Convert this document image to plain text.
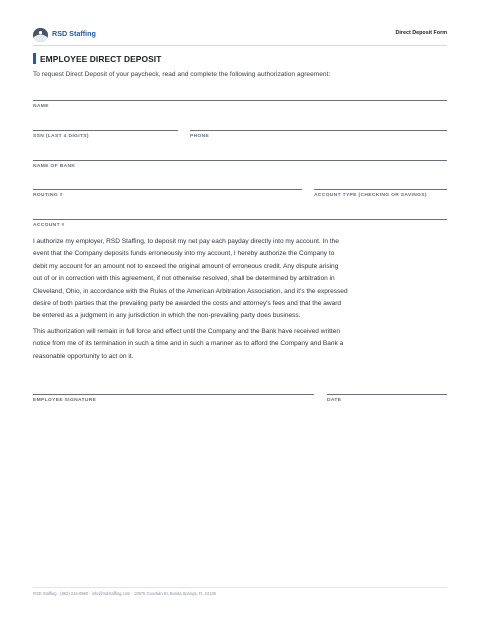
RSD Staffing	Direct Deposit Form
EMPLOYEE DIRECT DEPOSIT
To request Direct Deposit of your paycheck, read and complete the following authorization agreement:
NAME
SSN (LAST 4 DIGITS)	PHONE
NAME OF BANK
ROUTING #	ACCOUNT TYPE (CHECKING OR SAVINGS)
ACCOUNT #

I authorize my employer, RSD Staffing, to deposit my net pay each payday directly into my account. In the

event that the Company deposits funds erroneously into my account, I hereby authorize the Company to

debit my account for an amount not to exceed the original amount of erroneous credit. Any dispute arising

out of or in correction with this agreement, if not otherwise resolved, shall be determined by arbitration in

Cleveland, Ohio, in accordance with the Rules of the American Arbitration Association, and it's the expressed

desire of both parties that the prevailing party be awarded the costs and attorney's fees and that the award

be entered as a judgment in any jurisdiction in which the non-prevailing party does business.

This authorization will remain in full force and effect until the Company and the Bank have received written

notice from me of its termination in such a time and in such a manner as to afford the Company and Bank a

reasonable opportunity to act on it.

EMPLOYEE SIGNATURE	DATE
RSD Staffing · (863) 216-8960 · info@rsdstaffing.com · 10575 Goodwin St, Bonita Springs, FL 34135
